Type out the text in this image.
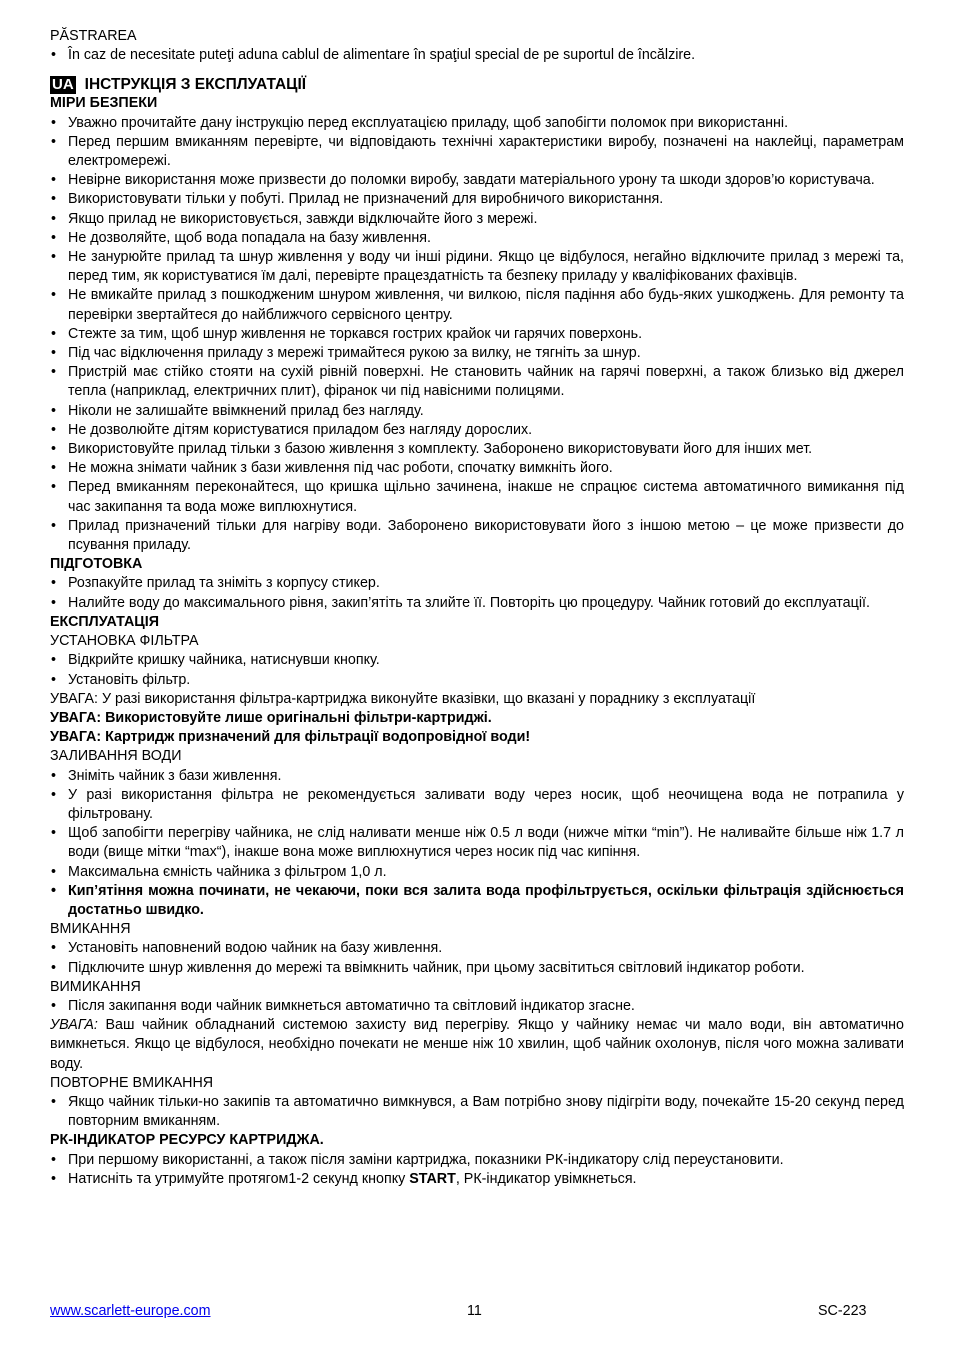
PĂSTRAREA

• În caz de necesitate puteţi aduna cablul de alimentare în spaţiul special de pe suportul de încălzire.
UA ІНСТРУКЦІЯ З ЕКСПЛУАТАЦІЇ

МІРИ БЕЗПЕКИ

• Уважно прочитайте дану інструкцію перед експлуатацією приладу, щоб запобігти поломок при використанні.
• Перед першим вмиканням перевірте, чи відповідають технічні характеристики виробу, позначені на наклейці, параметрам електромережі.
• Невірне використання може призвести до поломки виробу, завдати матеріального урону та шкоди здоров’ю користувача.
• Використовувати тільки у побуті. Прилад не призначений для виробничого використання.
• Якщо прилад не використовується, завжди відключайте його з мережі.
• Не дозволяйте, щоб вода попадала на базу живлення.
• Не занурюйте прилад та шнур живлення у воду чи інші рідини. Якщо це відбулося, негайно відключите прилад з мережі та, перед тим, як користуватися їм далі, перевірте працездатність та безпеку приладу у кваліфікованих фахівців.
• Не вмикайте прилад з пошкодженим шнуром живлення, чи вилкою, після падіння або будь-яких ушкоджень. Для ремонту та перевірки звертайтеся до найближчого сервісного центру.
• Стежте за тим, щоб шнур живлення не торкався гострих крайок чи гарячих поверхонь.
• Під час відключення приладу з мережі тримайтеся рукою за вилку, не тягніть за шнур.
• Пристрій має стійко стояти на сухій рівній поверхні. Не становить чайник на гарячі поверхні, а також близько від джерел тепла (наприклад, електричних плит), фіранок чи під навісними полицями.
• Ніколи не залишайте ввімкнений прилад без нагляду.
• Не дозволюйте дітям користуватися приладом без нагляду дорослих.
• Використовуйте прилад тільки з базою живлення з комплекту. Заборонено використовувати його для інших мет.
• Не можна знімати чайник з бази живлення під час роботи, спочатку вимкніть його.
• Перед вмиканням переконайтеся, що кришка щільно зачинена, інакше не спрацює система автоматичного вимикання під час закипання та вода може виплюхнутися.
• Прилад призначений тільки для нагріву води. Заборонено використовувати його з іншою метою – це може призвести до псування приладу.

ПІДГОТОВКА

• Розпакуйте прилад та зніміть з корпусу стикер.
• Налийте воду до максимального рівня, закип’ятіть та злийте її. Повторіть цю процедуру. Чайник готовий до експлуатації.

ЕКСПЛУАТАЦІЯ

УСТАНОВКА ФІЛЬТРА

• Відкрийте кришку чайника, натиснувши кнопку.
• Установіть фільтр.

УВАГА: У разі використання фільтра-картриджа виконуйте вказівки, що вказані у пораднику з експлуатації

УВАГА: Використовуйте лише оригінальні фільтри-картриджі.

УВАГА: Картридж призначений для фільтрації водопровідної води!

ЗАЛИВАННЯ ВОДИ

• Зніміть чайник з бази живлення.
• У разі використання фільтра не рекомендується заливати воду через носик, щоб неочищена вода не потрапила у фільтровану.
• Щоб запобігти перегріву чайника, не слід наливати менше ніж 0.5 л води (нижче мітки “min”). Не наливайте більше ніж 1.7 л води (вище мітки “max“), інакше вона може виплюхнутися через носик під час кипіння.
• Максимальна ємність чайника з фільтром 1,0 л.
• Кип’ятіння можна починати, не чекаючи, поки вся залита вода профільтрується, оскільки фільтрація здійснюється достатньо швидко.

ВМИКАННЯ

• Установіть наповнений водою чайник на базу живлення.
• Підключите шнур живлення до мережі та ввімкнить чайник, при цьому засвітиться світловий індикатор роботи.

ВИМИКАННЯ

• Після закипання води чайник вимкнеться автоматично та світловий індикатор згасне.

УВАГА: Ваш чайник обладнаний системою захисту вид перегріву. Якщо у чайнику немає чи мало води, він автоматично вимкнеться. Якщо це відбулося, необхідно почекати не менше ніж 10 хвилин, щоб чайник охолонув, після чого можна заливати воду.

ПОВТОРНЕ ВМИКАННЯ

• Якщо чайник тільки-но закипів та автоматично вимкнувся, а Вам потрібно знову підігріти воду, почекайте 15-20 секунд перед повторним вмиканням.

РК-ІНДИКАТОР РЕСУРСУ КАРТРИДЖА.

• При першому використанні, а також після заміни картриджа, показники РК-індикатору слід переустановити.
• Натисніть та утримуйте протягом1-2 секунд кнопку START, РК-індикатор увімкнеться.
www.scarlett-europe.com	11	SC-223
